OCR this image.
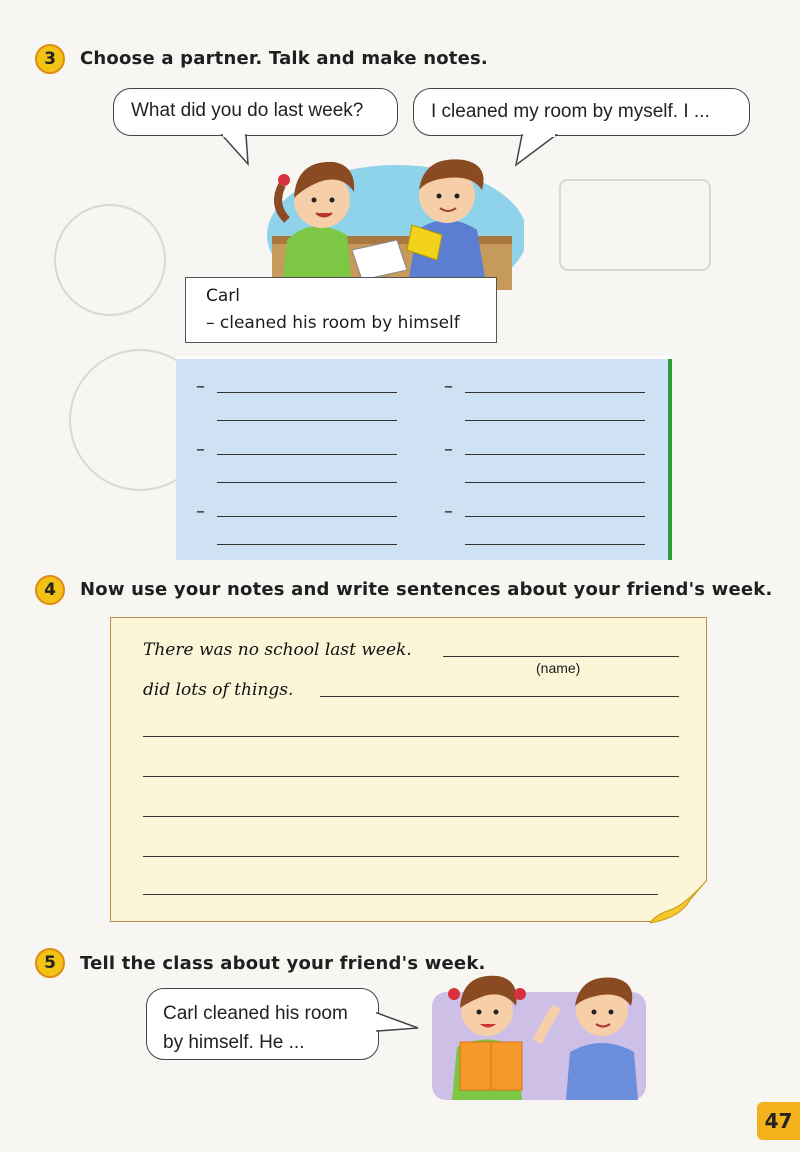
3	Choose a partner. Talk and make notes.
What did you do last week?	I cleaned my room by myself. I ...
Carl
– cleaned his room by himself
–	–
–	–
–	–
4	Now use your notes and write sentences about your friend's week.
There was no school last week.
(name)
did lots of things.
5	Tell the class about your friend's week.
Carl cleaned his room
by himself. He ...
47
